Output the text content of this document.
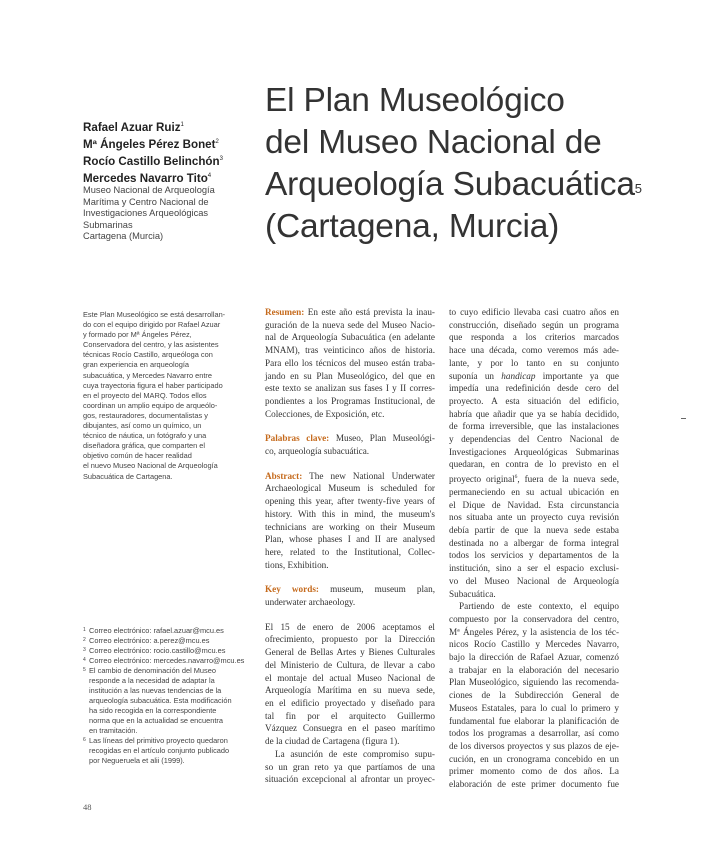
El Plan Museológico
del Museo Nacional de
Arqueología Subacuática$^5$
(Cartagena, Murcia)
Rafael Azuar Ruiz$^1$
Mª Ángeles Pérez Bonet$^2$
Rocío Castillo Belinchón$^3$
Mercedes Navarro Tito$^4$
Museo Nacional de Arqueología
Marítima y Centro Nacional de
Investigaciones Arqueológicas
Submarinas
Cartagena (Murcia)
Este Plan Museológico se está desarrollan-
do con el equipo dirigido por Rafael Azuar
y formado por Mª Ángeles Pérez,
Conservadora del centro, y las asistentes
técnicas Rocío Castillo, arqueóloga con
gran experiencia en arqueología
subacuática, y Mercedes Navarro entre
cuya trayectoria figura el haber participado
en el proyecto del MARQ. Todos ellos
coordinan un amplio equipo de arqueólo-
gos, restauradores, documentalistas y
dibujantes, así como un químico, un
técnico de náutica, un fotógrafo y una
diseñadora gráfica, que comparten el
objetivo común de hacer realidad
el nuevo Museo Nacional de Arqueología
Subacuática de Cartagena.
1 Correo electrónico: rafael.azuar@mcu.es
2 Correo electrónico: a.perez@mcu.es
3 Correo electrónico: rocio.castillo@mcu.es
4 Correo electrónico: mercedes.navarro@mcu.es
5 El cambio de denominación del Museo
responde a la necesidad de adaptar la
institución a las nuevas tendencias de la
arqueología subacuática. Esta modificación
ha sido recogida en la correspondiente
norma que en la actualidad se encuentra
en tramitación.
6 Las líneas del primitivo proyecto quedaron
recogidas en el artículo conjunto publicado
por Negueruela et alii (1999).

Resumen: En este año está prevista la inau-

guración de la nueva sede del Museo Nacio-

nal de Arqueología Subacuática (en adelante

MNAM), tras veinticinco años de historia.

Para ello los técnicos del museo están traba-

jando en su Plan Museológico, del que en

este texto se analizan sus fases I y II corres-

pondientes a los Programas Institucional, de

Colecciones, de Exposición, etc.

Palabras clave: Museo, Plan Museológi-

co, arqueología subacuática.

Abstract: The new National Underwater

Archaeological Museum is scheduled for

opening this year, after twenty-five years of

history. With this in mind, the museum's

technicians are working on their Museum

Plan, whose phases I and II are analysed

here, related to the Institutional, Collec-

tions, Exhibition.

Key words: museum, museum plan,

underwater archaeology.

El 15 de enero de 2006 aceptamos el

ofrecimiento, propuesto por la Dirección

General de Bellas Artes y Bienes Culturales

del Ministerio de Cultura, de llevar a cabo

el montaje del actual Museo Nacional de

Arqueología Marítima en su nueva sede,

en el edificio proyectado y diseñado para

tal fin por el arquitecto Guillermo

Vázquez Consuegra en el paseo marítimo

de la ciudad de Cartagena (figura 1).

La asunción de este compromiso supu-

so un gran reto ya que partíamos de una

situación excepcional al afrontar un proyec-

to cuyo edificio llevaba casi cuatro años en

construcción, diseñado según un programa

que responda a los criterios marcados

hace una década, como veremos más ade-

lante, y por lo tanto en su conjunto

suponía un handicap importante ya que

impedía una redefinición desde cero del

proyecto. A esta situación del edificio,

habría que añadir que ya se había decidido,

de forma irreversible, que las instalaciones

y dependencias del Centro Nacional de

Investigaciones Arqueológicas Submarinas

quedaran, en contra de lo previsto en el

proyecto original$^6$, fuera de la nueva sede,

permaneciendo en su actual ubicación en

el Dique de Navidad. Esta circunstancia

nos situaba ante un proyecto cuya revisión

debía partir de que la nueva sede estaba

destinada no a albergar de forma integral

todos los servicios y departamentos de la

institución, sino a ser el espacio exclusi-

vo del Museo Nacional de Arqueología

Subacuática.

Partiendo de este contexto, el equipo

compuesto por la conservadora del centro,

Mª Ángeles Pérez, y la asistencia de los téc-

nicos Rocío Castillo y Mercedes Navarro,

bajo la dirección de Rafael Azuar, comenzó

a trabajar en la elaboración del necesario

Plan Museológico, siguiendo las recomenda-

ciones de la Subdirección General de

Museos Estatales, para lo cual lo primero y

fundamental fue elaborar la planificación de

todos los programas a desarrollar, así como

de los diversos proyectos y sus plazos de eje-

cución, en un cronograma concebido en un

primer momento como de dos años. La

elaboración de este primer documento fue

48
